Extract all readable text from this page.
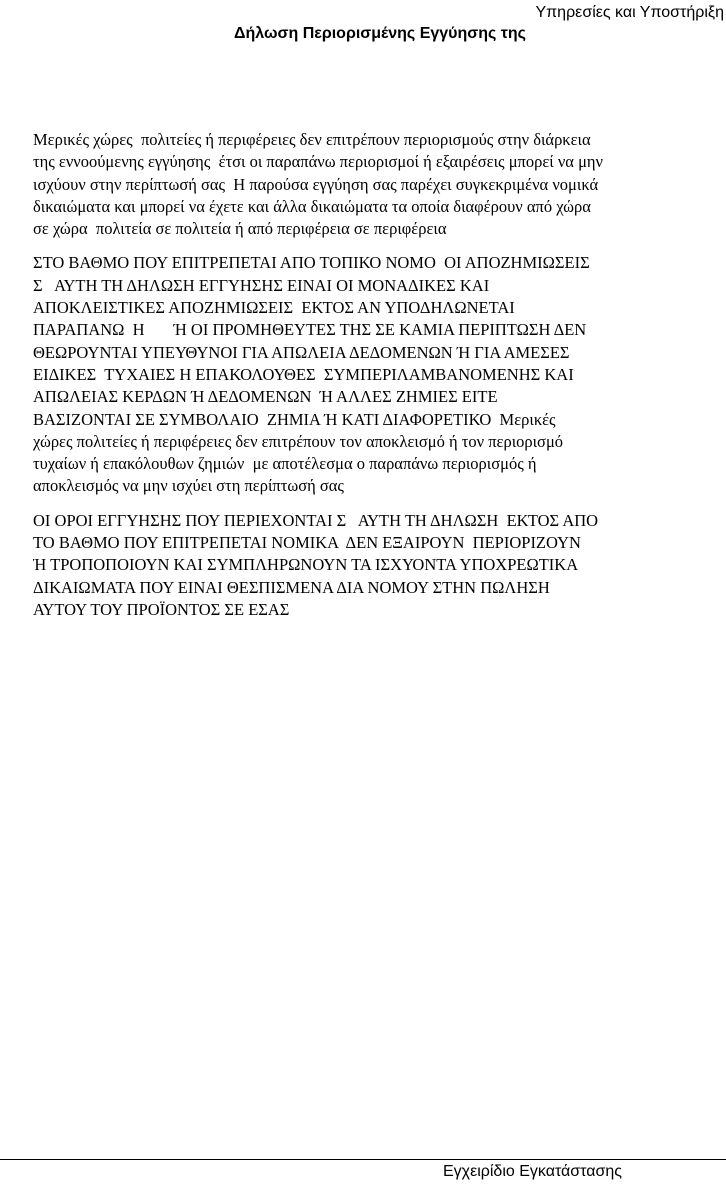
Υπηρεσίες και Υποστήριξη
Δήλωση Περιορισμένης Εγγύησης της
Μερικές χώρες  πολιτείες ή περιφέρειες δεν επιτρέπουν περιορισμούς στην διάρκεια
της εννοούμενης εγγύησης  έτσι οι παραπάνω περιορισμοί ή εξαιρέσεις μπορεί να μην
ισχύουν στην περίπτωσή σας  Η παρούσα εγγύηση σας παρέχει συγκεκριμένα νομικά
δικαιώματα και μπορεί να έχετε και άλλα δικαιώματα τα οποία διαφέρουν από χώρα
σε χώρα  πολιτεία σε πολιτεία ή από περιφέρεια σε περιφέρεια
ΣΤΟ ΒΑΘΜΟ ΠΟΥ ΕΠΙΤΡΕΠΕΤΑΙ ΑΠΟ ΤΟΠΙΚΟ ΝΟΜΟ  ΟΙ ΑΠΟΖΗΜΙΩΣΕΙΣ
Σ   ΑΥΤΗ ΤΗ ΔΗΛΩΣΗ ΕΓΓΥΗΣΗΣ ΕΙΝΑΙ ΟΙ ΜΟΝΑΔΙΚΕΣ ΚΑΙ
ΑΠΟΚΛΕΙΣΤΙΚΕΣ ΑΠΟΖΗΜΙΩΣΕΙΣ  ΕΚΤΟΣ ΑΝ ΥΠΟΔΗΛΩΝΕΤΑΙ
ΠΑΡΑΠΑΝΩ  Η       Ή ΟΙ ΠΡΟΜΗΘΕΥΤΕΣ ΤΗΣ ΣΕ ΚΑΜΙΑ ΠΕΡΙΠΤΩΣΗ ΔΕΝ
ΘΕΩΡΟΥΝΤΑΙ ΥΠΕΥΘΥΝΟΙ ΓΙΑ ΑΠΩΛΕΙΑ ΔΕΔΟΜΕΝΩΝ Ή ΓΙΑ ΑΜΕΣΕΣ
ΕΙΔΙΚΕΣ  ΤΥΧΑΙΕΣ Η ΕΠΑΚΟΛΟΥΘΕΣ  ΣΥΜΠΕΡΙΛΑΜΒΑΝΟΜΕΝΗΣ ΚΑΙ
ΑΠΩΛΕΙΑΣ ΚΕΡΔΩΝ Ή ΔΕΔΟΜΕΝΩΝ  Ή ΑΛΛΕΣ ΖΗΜΙΕΣ ΕΙΤΕ
ΒΑΣΙΖΟΝΤΑΙ ΣΕ ΣΥΜΒΟΛΑΙΟ  ΖΗΜΙΑ Ή ΚΑΤΙ ΔΙΑΦΟΡΕΤΙΚΟ  Μερικές
χώρες πολιτείες ή περιφέρειες δεν επιτρέπουν τον αποκλεισμό ή τον περιορισμό
τυχαίων ή επακόλουθων ζημιών  με αποτέλεσμα ο παραπάνω περιορισμός ή
αποκλεισμός να μην ισχύει στη περίπτωσή σας
ΟΙ ΟΡΟΙ ΕΓΓΥΗΣΗΣ ΠΟΥ ΠΕΡΙΕΧΟΝΤΑΙ Σ   ΑΥΤΗ ΤΗ ΔΗΛΩΣΗ  ΕΚΤΟΣ ΑΠΟ
ΤΟ ΒΑΘΜΟ ΠΟΥ ΕΠΙΤΡΕΠΕΤΑΙ ΝΟΜΙΚΑ  ΔΕΝ ΕΞΑΙΡΟΥΝ  ΠΕΡΙΟΡΙΖΟΥΝ
Ή ΤΡΟΠΟΠΟΙΟΥΝ ΚΑΙ ΣΥΜΠΛΗΡΩΝΟΥΝ ΤΑ ΙΣΧΥΟΝΤΑ ΥΠΟΧΡΕΩΤΙΚΑ
ΔΙΚΑΙΩΜΑΤΑ ΠΟΥ ΕΙΝΑΙ ΘΕΣΠΙΣΜΕΝΑ ΔΙΑ ΝΟΜΟΥ ΣΤΗΝ ΠΩΛΗΣΗ
ΑΥΤΟΥ ΤΟΥ ΠΡΟΪΟΝΤΟΣ ΣΕ ΕΣΑΣ
Εγχειρίδιο Εγκατάστασης
